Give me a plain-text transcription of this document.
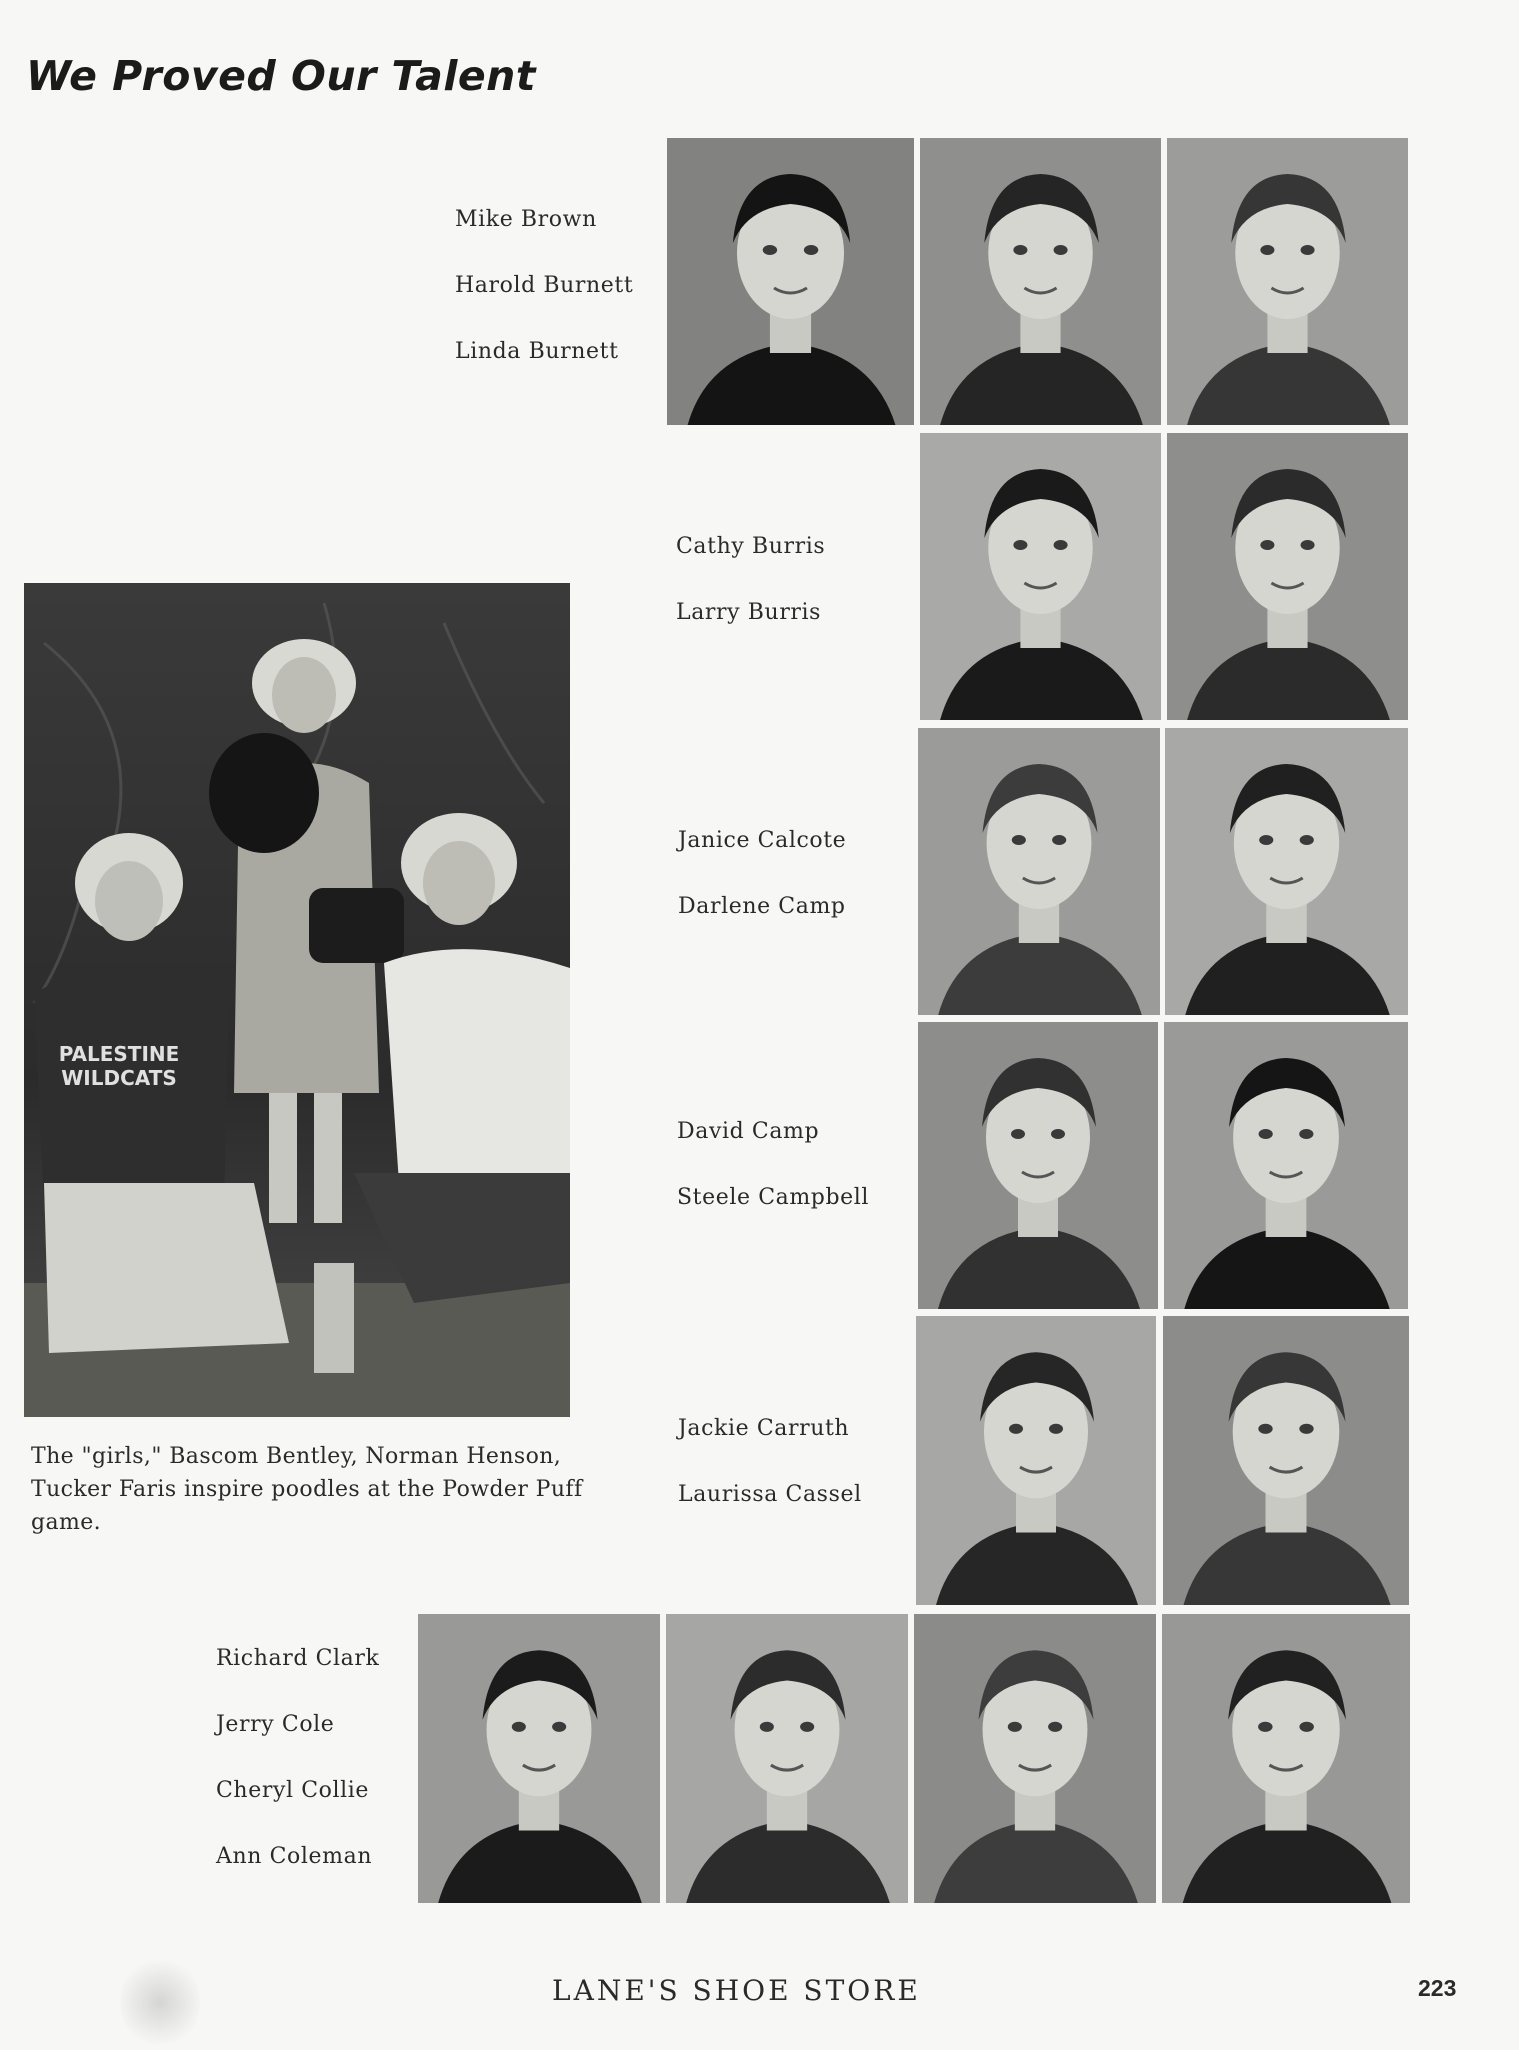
We Proved Our Talent
Mike Brown
Harold Burnett
Linda Burnett
Cathy Burris
Larry Burris
Janice Calcote
Darlene Camp
David Camp
Steele Campbell
Jackie Carruth
Laurissa Cassel
Richard Clark
Jerry Cole
Cheryl Collie
Ann Coleman
PALESTINE
WILDCATS

The "girls," Bascom Bentley, Norman Henson, Tucker Faris inspire poodles at the Powder Puff game.

LANE'S SHOE STORE	223
